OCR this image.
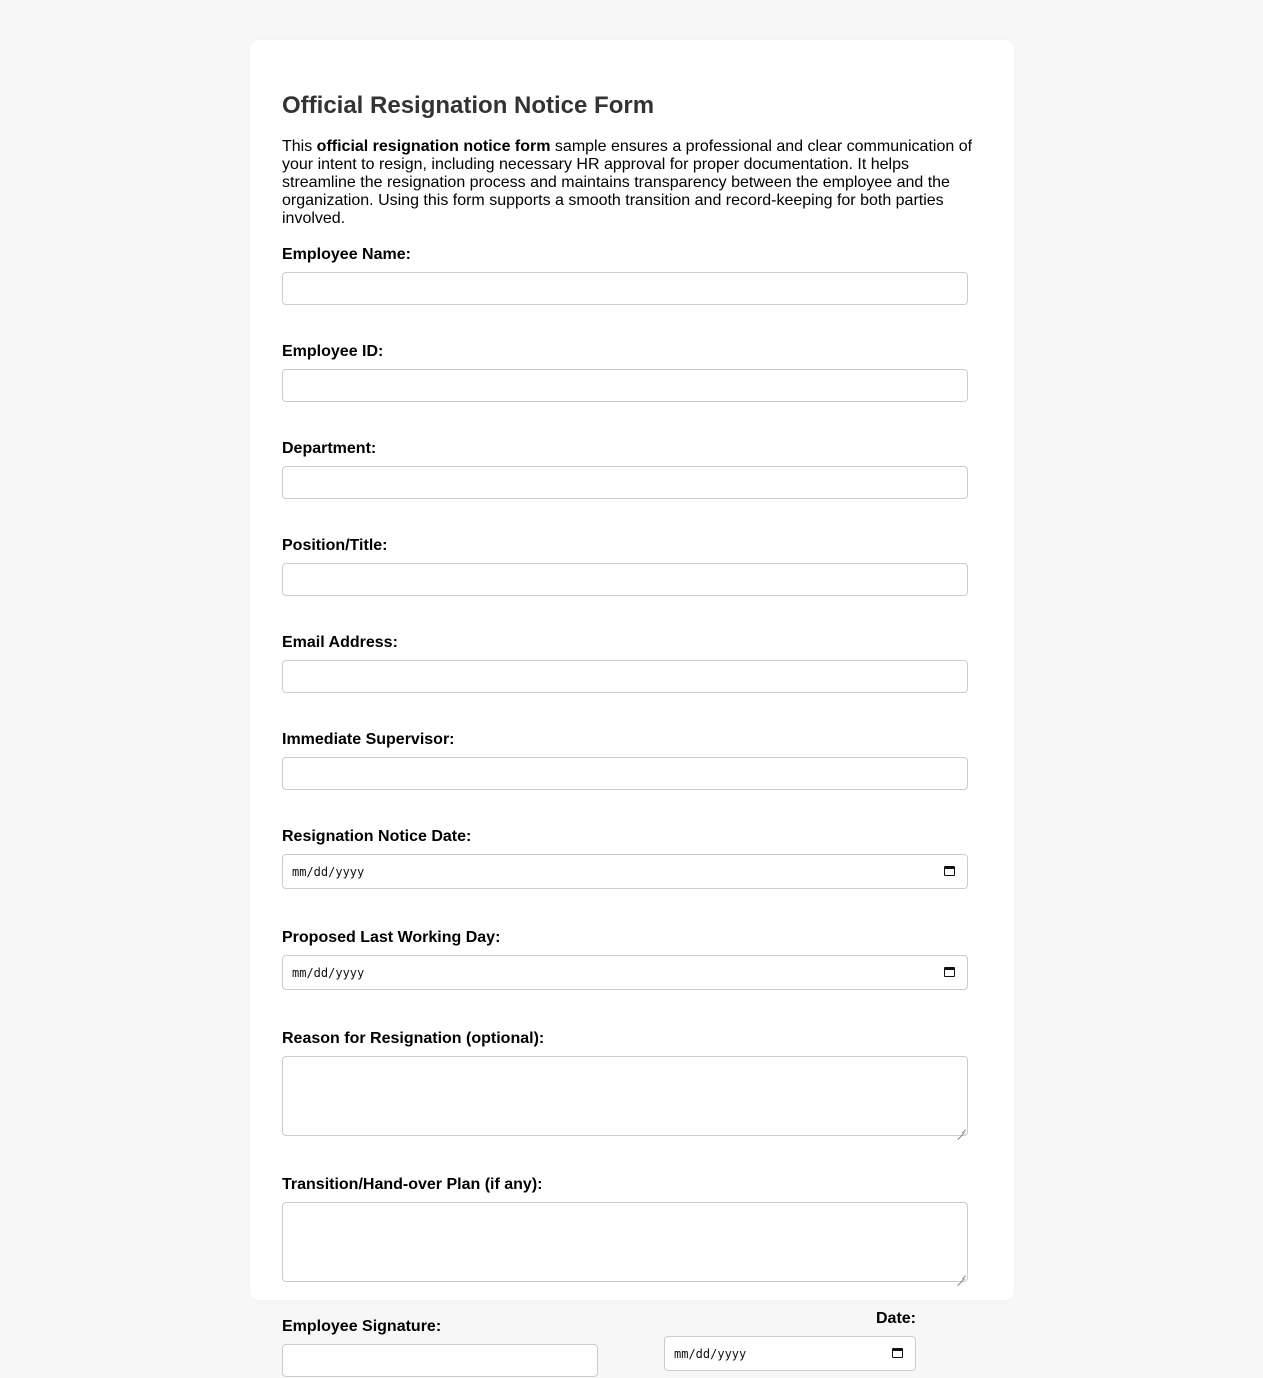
Official Resignation Notice Form

This official resignation notice form sample ensures a professional and clear communication of your intent to resign, including necessary HR approval for proper documentation. It helps streamline the resignation process and maintains transparency between the employee and the organization. Using this form supports a smooth transition and record-keeping for both parties involved.

Employee Name:
Employee ID:
Department:
Position/Title:
Email Address:
Immediate Supervisor:
Resignation Notice Date:
mm/dd/yyyy
Proposed Last Working Day:
mm/dd/yyyy
Reason for Resignation (optional):
Transition/Hand-over Plan (if any):
Employee Signature:	Date:
mm/dd/yyyy
